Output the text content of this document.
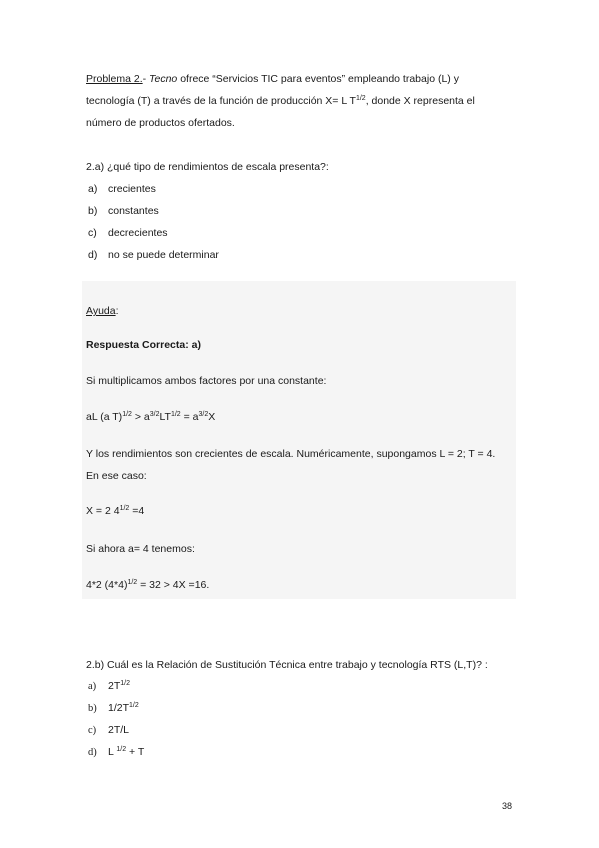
Problema 2.- Tecno ofrece “Servicios TIC para eventos” empleando trabajo (L) y
tecnología (T) a través de la función de producción X= L $T^{1/2}$, donde X representa el
número de productos ofertados.
2.a) ¿qué tipo de rendimientos de escala presenta?:
a) crecientes
b) constantes
c) decrecientes
d) no se puede determinar
Ayuda:
Respuesta Correcta: a)
Si multiplicamos ambos factores por una constante:
aL (a $T)^{1/2} > a^{3/2}LT^{1/2} = a^{3/2}X$
Y los rendimientos son crecientes de escala. Numéricamente, supongamos L = 2; T = 4.
En ese caso:
X = 2 $4^{1/2} =4$
Si ahora a= 4 tenemos:
4*2 $(4*4)^{1/2} = 32 > 4X =16$.
2.b) Cuál es la Relación de Sustitución Técnica entre trabajo y tecnología RTS (L,T)? :
a) $2T^{1/2}$
b) $1/2T^{1/2}$
c) 2T/L
d) L $^{1/2}$ + T
38
